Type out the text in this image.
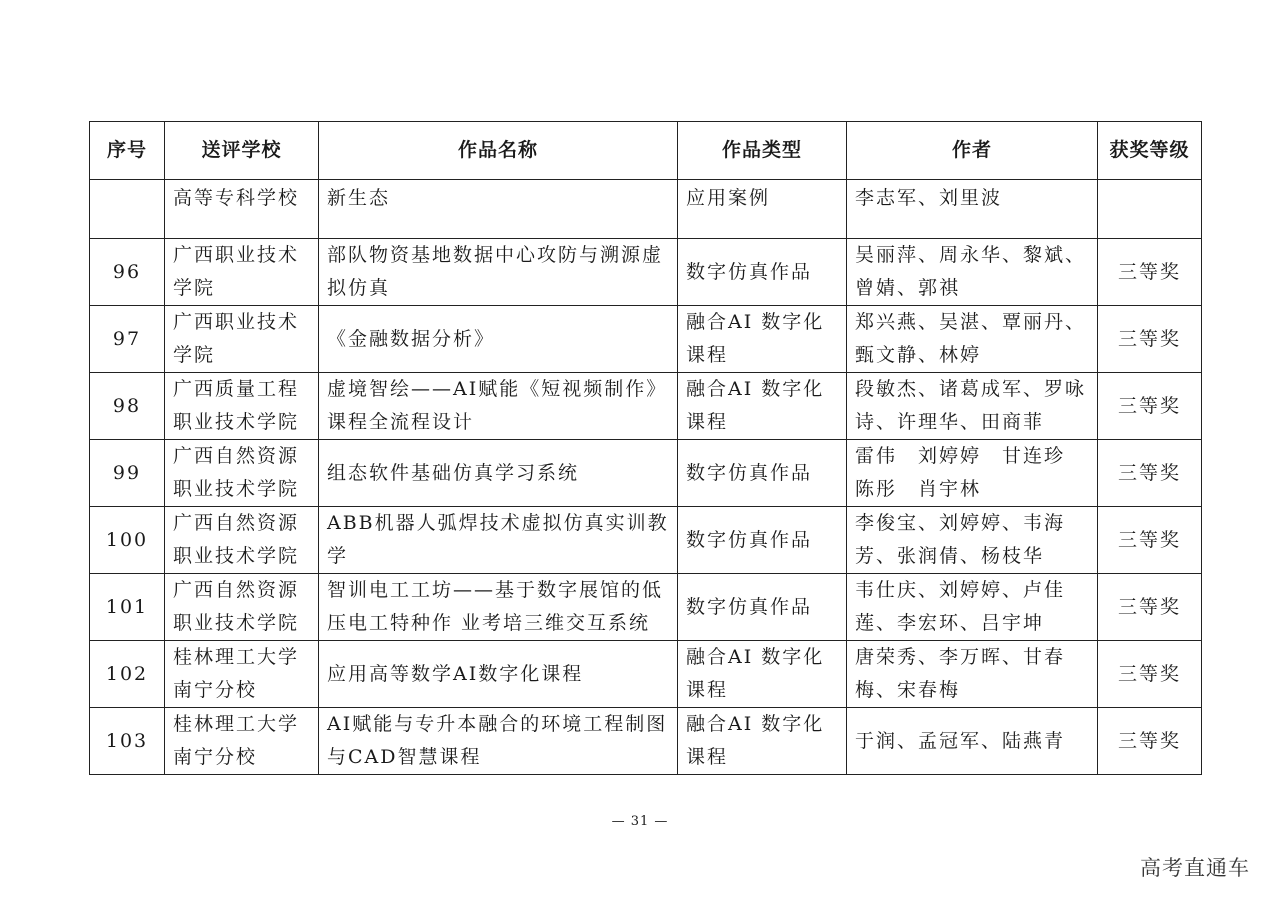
序号	送评学校	作品名称	作品类型	作者	获奖等级
	高等专科学校	新生态	应用案例	李志军、刘里波	
96	广西职业技术学院	部队物资基地数据中心攻防与溯源虚拟仿真	数字仿真作品	吴丽萍、周永华、黎斌、曾婧、郭祺	三等奖
97	广西职业技术学院	《金融数据分析》	融合AI 数字化课程	郑兴燕、吴湛、覃丽丹、甄文静、林婷	三等奖
98	广西质量工程职业技术学院	虚境智绘——AI赋能《短视频制作》课程全流程设计	融合AI 数字化课程	段敏杰、诸葛成军、罗咏诗、许理华、田商菲	三等奖
99	广西自然资源职业技术学院	组态软件基础仿真学习系统	数字仿真作品	雷伟　刘婷婷　甘连珍　陈彤　肖宇林	三等奖
100	广西自然资源职业技术学院	ABB机器人弧焊技术虚拟仿真实训教学	数字仿真作品	李俊宝、刘婷婷、韦海芳、张润倩、杨枝华	三等奖
101	广西自然资源职业技术学院	智训电工工坊——基于数字展馆的低压电工特种作 业考培三维交互系统	数字仿真作品	韦仕庆、刘婷婷、卢佳莲、李宏环、吕宇坤	三等奖
102	桂林理工大学南宁分校	应用高等数学AI数字化课程	融合AI 数字化课程	唐荣秀、李万晖、甘春梅、宋春梅	三等奖
103	桂林理工大学南宁分校	AI赋能与专升本融合的环境工程制图与CAD智慧课程	融合AI 数字化课程	于润、孟冠军、陆燕青	三等奖
— 31 —
高考直通车
